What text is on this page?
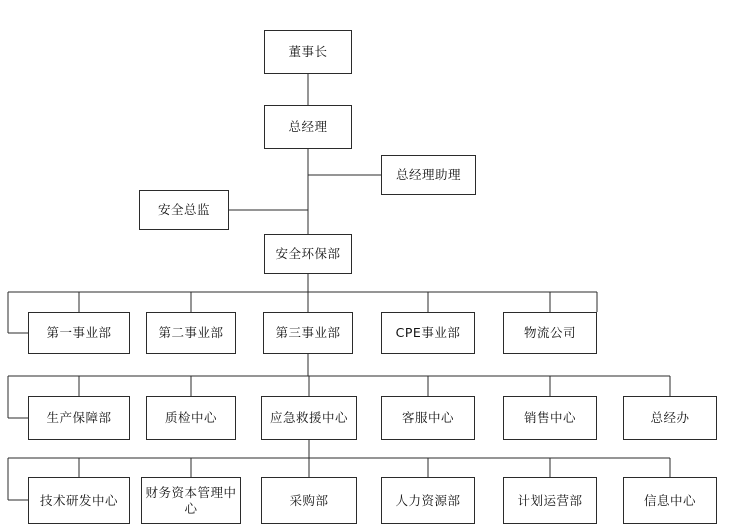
董事长
总经理
总经理助理
安全总监
安全环保部
第一事业部	第二事业部	第三事业部	CPE事业部	物流公司
生产保障部	质检中心	应急救援中心	客服中心	销售中心	总经办
技术研发中心
财务资本管理中心
采购部	人力资源部	计划运营部	信息中心
